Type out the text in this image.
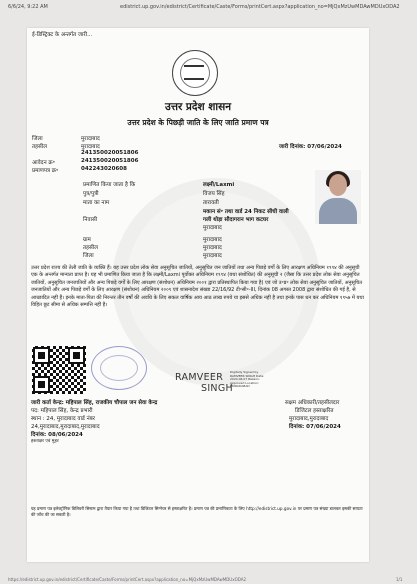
6/6/24, 9:22 AM	edistrict.up.gov.in/edistrict/Certificate/Caste/Forms/printCert.aspx?application_no=MjQxMzUwMDAwMDUxODA2
ई-डिस्ट्रिक्ट के अन्तर्गत जारी...
उत्तर प्रदेश शासन
उत्तर प्रदेश के पिछड़ी जाति के लिए जाति प्रमाण पत्र
जिला	मुरादाबाद
तहसील	मुरादाबाद
241350020051806
आवेदन क्र॰	241350020051806
प्रमाणपत्र क्र॰	042243020608
जारी दिनांक: 07/06/2024
प्रमाणित किया जाता है कि	लक्ष्मी/Laxmi
पुत्र/पुत्री	विजय सिंह
माता का नाम	तारावती
निवासी
मकान सं॰ तथा वार्ड 24 निकट सीधी वाली
गली थोड़ा सौदागरान भाग कटघर
मुरादाबाद
ग्राम	मुरादाबाद
तहसील	मुरादाबाद
जिला	मुरादाबाद
उत्तर प्रदेश राज्य की तेली जाति के व्यक्ति हैं। यह उत्तर प्रदेश लोक सेवा अनुसूचित जातियों, अनुसूचित जन जातियों तथा अन्य पिछड़े वर्गों के लिए आरक्षण अधिनियम १९९४ की अनुसूची एक के अन्तर्गत मान्यता प्राप्त है। यह भी प्रमाणित किया जाता है कि लक्ष्मी/Laxmi पूर्वोक्त अधिनियम १९९४ (यथा संशोधित) की अनुसूची २ (जैसा कि उत्तर प्रदेश लोक सेवा अनुसूचित जातियों, अनुसूचित जनजातियों और अन्य पिछड़े वर्गों के लिए आरक्षण (संशोधन) अधिनियम २००१ द्वारा प्रतिस्थापित किया गया है) एवं जो उ॰प्र॰ लोक सेवा अनुसूचित जातियों, अनुसूचित जनजातियों और अन्य पिछड़े वर्गों के लिए आरक्षण (संशोधन) अधिनियम २००१ एवं शासनादेश संख्या 22/16/92 टी॰सी॰-III, दिनांक 08 अगस्त 2008 द्वारा संशोधित की गई है, से आच्छादित नहीं हैं। इनके माता-पिता की निरन्तर तीन वर्षों की अवधि के लिए सकल वार्षिक आय आठ लाख रुपये या इससे अधिक नहीं है तथा इनके पास धन कर अधिनियम १९५७ में यथा विहित छूट सीमा से अधिक सम्पत्ति नहीं है।
RAMVEER
SINGH
Digitally Signed by RAMVEER SINGH Date: 2024.06.07 Reason: Approved Location: MORADABAD
जारी कर्ता केन्द्र: महिपाल सिंह, राजकीय चौपाल जन सेवा केन्द्र
पद: महिपाल सिंह, केन्द्र प्रभारी
स्थान : 24, मुरादाबाद वार्ड नंबर
24,मुरादाबाद,मुरादाबाद,मुरादाबाद
दिनांक: 08/06/2024
हस्ताक्षर एवं मुहर
सक्षम अधिकारी/तहसीलदार
डिजिटल हस्ताक्षरित
मुरादाबाद,मुरादाबाद
दिनांक: 07/06/2024
यह प्रमाण पत्र इलेक्ट्रॉनिक डिलिवरी सिस्टम द्वारा तैयार किया गया है तथा डिजिटल सिग्नेचर से हस्ताक्षरित है। प्रमाण पत्र की प्रमाणिकता के लिए http://edistrict.up.gov.in पर प्रमाण पत्र संख्या डालकर इसकी सत्यता की जाँच की जा सकती है।
https://edistrict.up.gov.in/edistrict/Certificate/Caste/Forms/printCert.aspx?application_no=MjQxMzUwMDAwMDUxODA2	1/1
